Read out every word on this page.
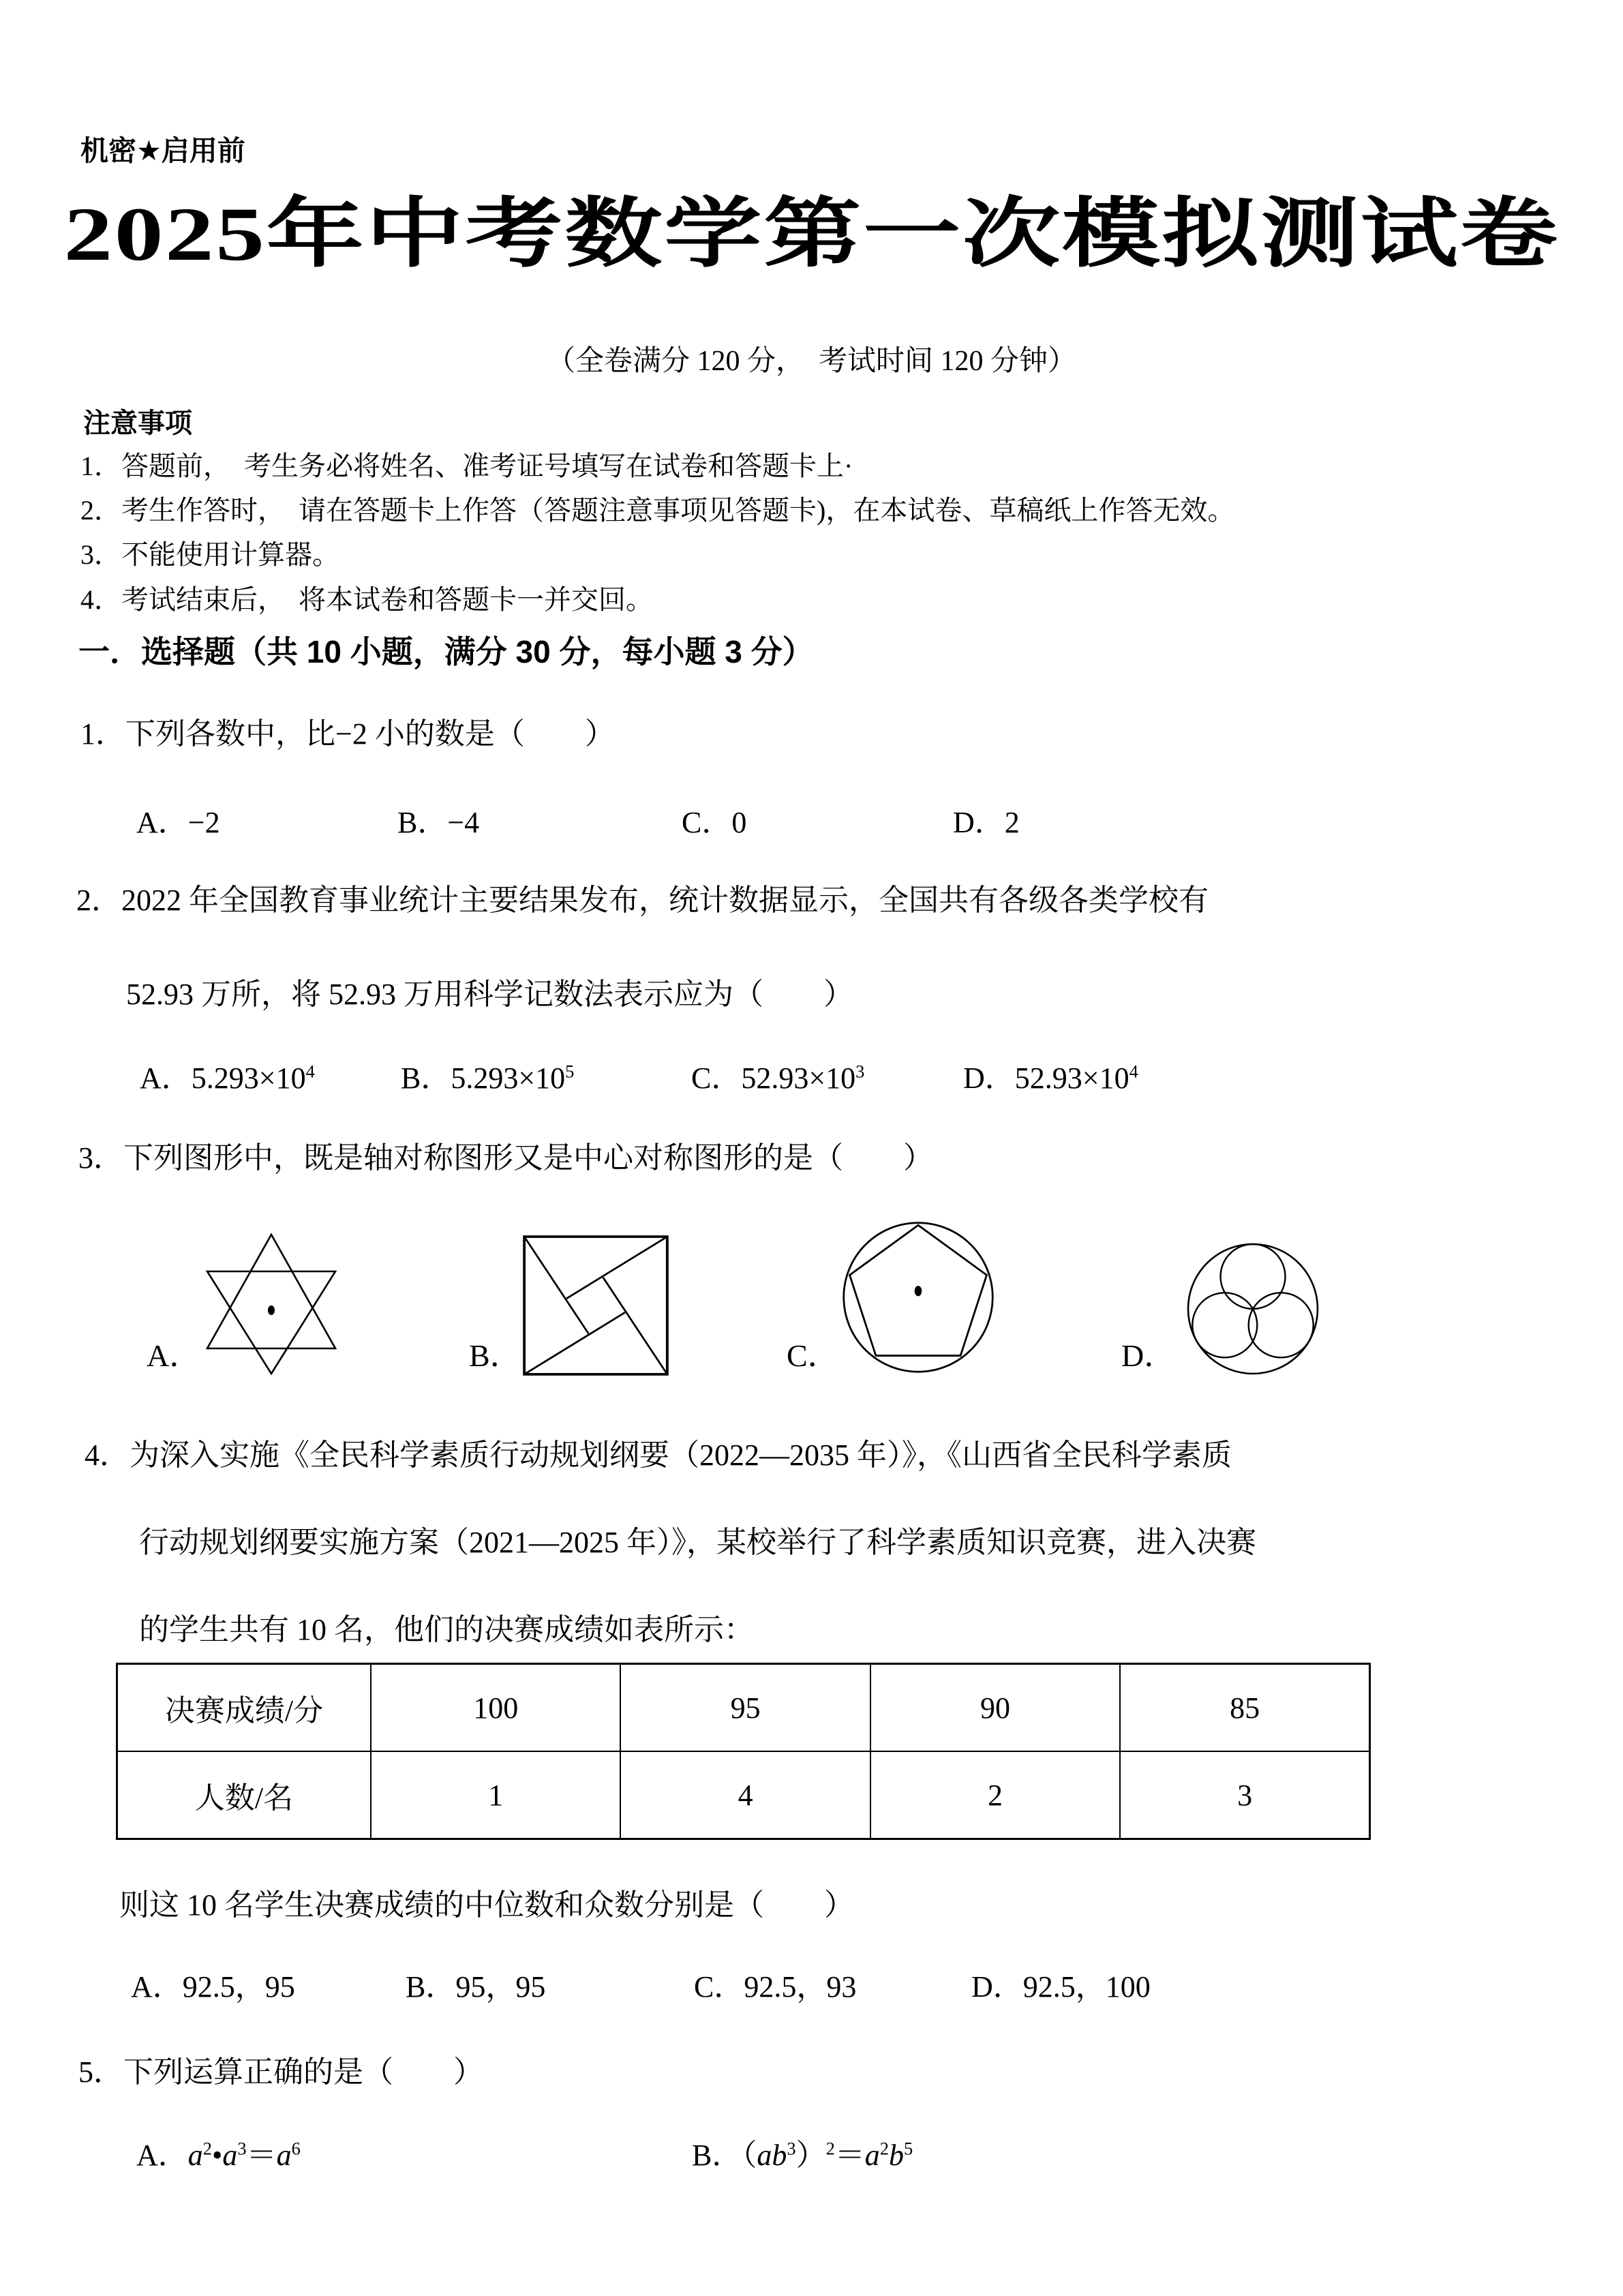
机密★启用前
2025年中考数学第一次模拟测试卷
（全卷满分 120 分，　考试时间 120 分钟）
注意事项
1．答题前，　考生务必将姓名、准考证号填写在试卷和答题卡上·
2．考生作答时，　请在答题卡上作答（答题注意事项见答题卡)，在本试卷、草稿纸上作答无效。
3．不能使用计算器。
4．考试结束后，　将本试卷和答题卡一并交回。
一．选择题（共 10 小题，满分 30 分，每小题 3 分）
1．下列各数中，比−2 小的数是（　　）
A．−2	B．−4	C．0	D．2
2．2022 年全国教育事业统计主要结果发布，统计数据显示，全国共有各级各类学校有
52.93 万所，将 52.93 万用科学记数法表示应为（　　）
A．$5.293\times 10^4$	B．$5.293\times 10^5$	C．$52.93\times 10^3$	D．$52.93\times 10^4$
3．下列图形中，既是轴对称图形又是中心对称图形的是（　　）
A．	B．	C．	D．
4．为深入实施《全民科学素质行动规划纲要（2022—2035 年）》，《山西省全民科学素质
行动规划纲要实施方案（2021—2025 年）》，某校举行了科学素质知识竞赛，进入决赛
的学生共有 10 名，他们的决赛成绩如表所示：
决赛成绩/分	100	95	90	85
人数/名	1	4	2	3
则这 10 名学生决赛成绩的中位数和众数分别是（　　）
A．92.5，95	B．95，95	C．92.5，93	D．92.5，100
5．下列运算正确的是（　　）
A．$a^2•a^3=a^6$	B．$(ab^3)^2=a^2b^5$
